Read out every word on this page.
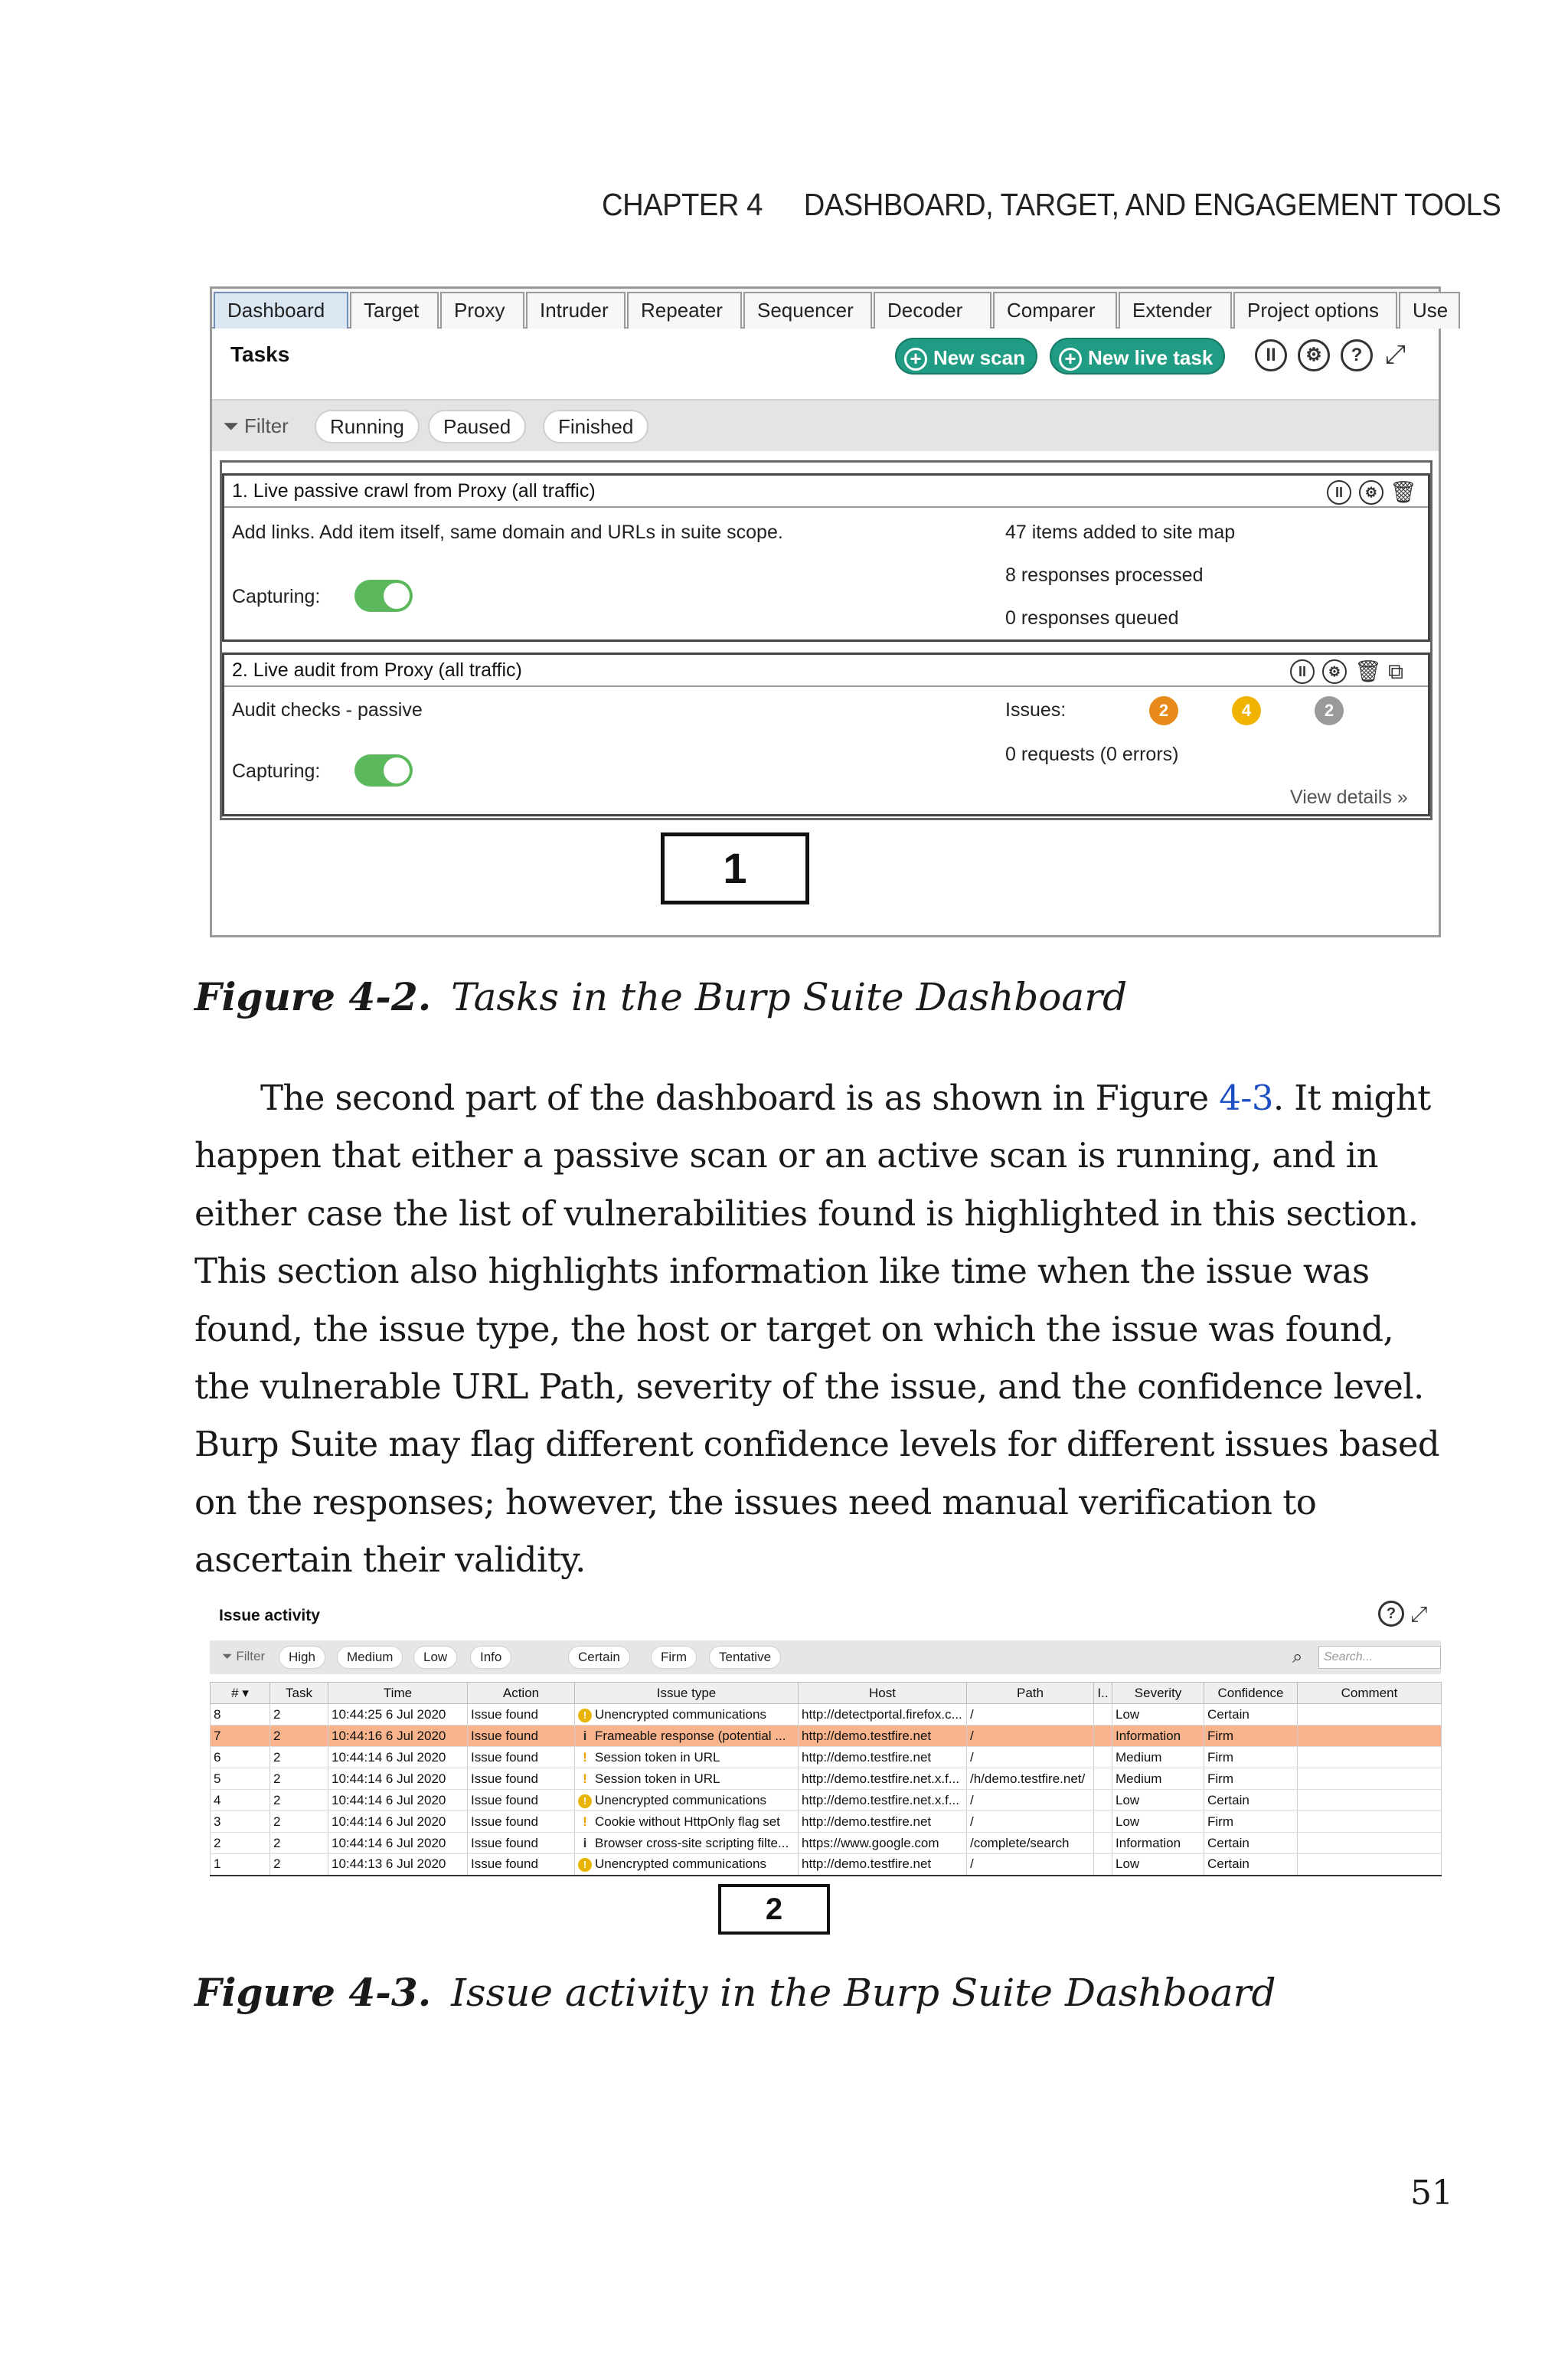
CHAPTER 4 DASHBOARD, TARGET, AND ENGAGEMENT TOOLS
Dashboard	Target	Proxy	Intruder	Repeater	Sequencer	Decoder	Comparer	Extender	Project options	Use
Tasks	+ New scan	+ New live task	II	⚙	? ⤢
⏷ Filter	Running	Paused	Finished
1. Live passive crawl from Proxy (all traffic)	II	⚙ 🗑
Add links. Add item itself, same domain and URLs in suite scope.
Capturing:
47 items added to site map
8 responses processed
0 responses queued
2. Live audit from Proxy (all traffic)	II	⚙ 🗑 ⧉
Audit checks - passive
Capturing:
Issues:	2	4	2
0 requests (0 errors)
View details »
1
Figure 4-2. Tasks in the Burp Suite Dashboard
The second part of the dashboard is as shown in Figure 4-3. It might happen that either a passive scan or an active scan is running, and in either case the list of vulnerabilities found is highlighted in this section. This section also highlights information like time when the issue was found, the issue type, the host or target on which the issue was found, the vulnerable URL Path, severity of the issue, and the confidence level. Burp Suite may flag different confidence levels for different issues based on the responses; however, the issues need manual verification to ascertain their validity.
Issue activity	? ⤢
⏷ Filter	High	Medium	Low	Info	Certain	Firm	Tentative	⌕	Search...
# ▾	Task	Time	Action	Issue type	Host	Path	I..	Severity	Confidence	Comment
8	2	10:44:25 6 Jul 2020	Issue found	! Unencrypted communications	http://detectportal.firefox.c...	/		Low	Certain	
7	2	10:44:16 6 Jul 2020	Issue found	i Frameable response (potential ...	http://demo.testfire.net	/		Information	Firm	
6	2	10:44:14 6 Jul 2020	Issue found	! Session token in URL	http://demo.testfire.net	/		Medium	Firm	
5	2	10:44:14 6 Jul 2020	Issue found	! Session token in URL	http://demo.testfire.net.x.f...	/h/demo.testfire.net/		Medium	Firm	
4	2	10:44:14 6 Jul 2020	Issue found	! Unencrypted communications	http://demo.testfire.net.x.f...	/		Low	Certain	
3	2	10:44:14 6 Jul 2020	Issue found	! Cookie without HttpOnly flag set	http://demo.testfire.net	/		Low	Firm	
2	2	10:44:14 6 Jul 2020	Issue found	i Browser cross-site scripting filte...	https://www.google.com	/complete/search		Information	Certain	
1	2	10:44:13 6 Jul 2020	Issue found	! Unencrypted communications	http://demo.testfire.net	/		Low	Certain	
2
Figure 4-3. Issue activity in the Burp Suite Dashboard
51
